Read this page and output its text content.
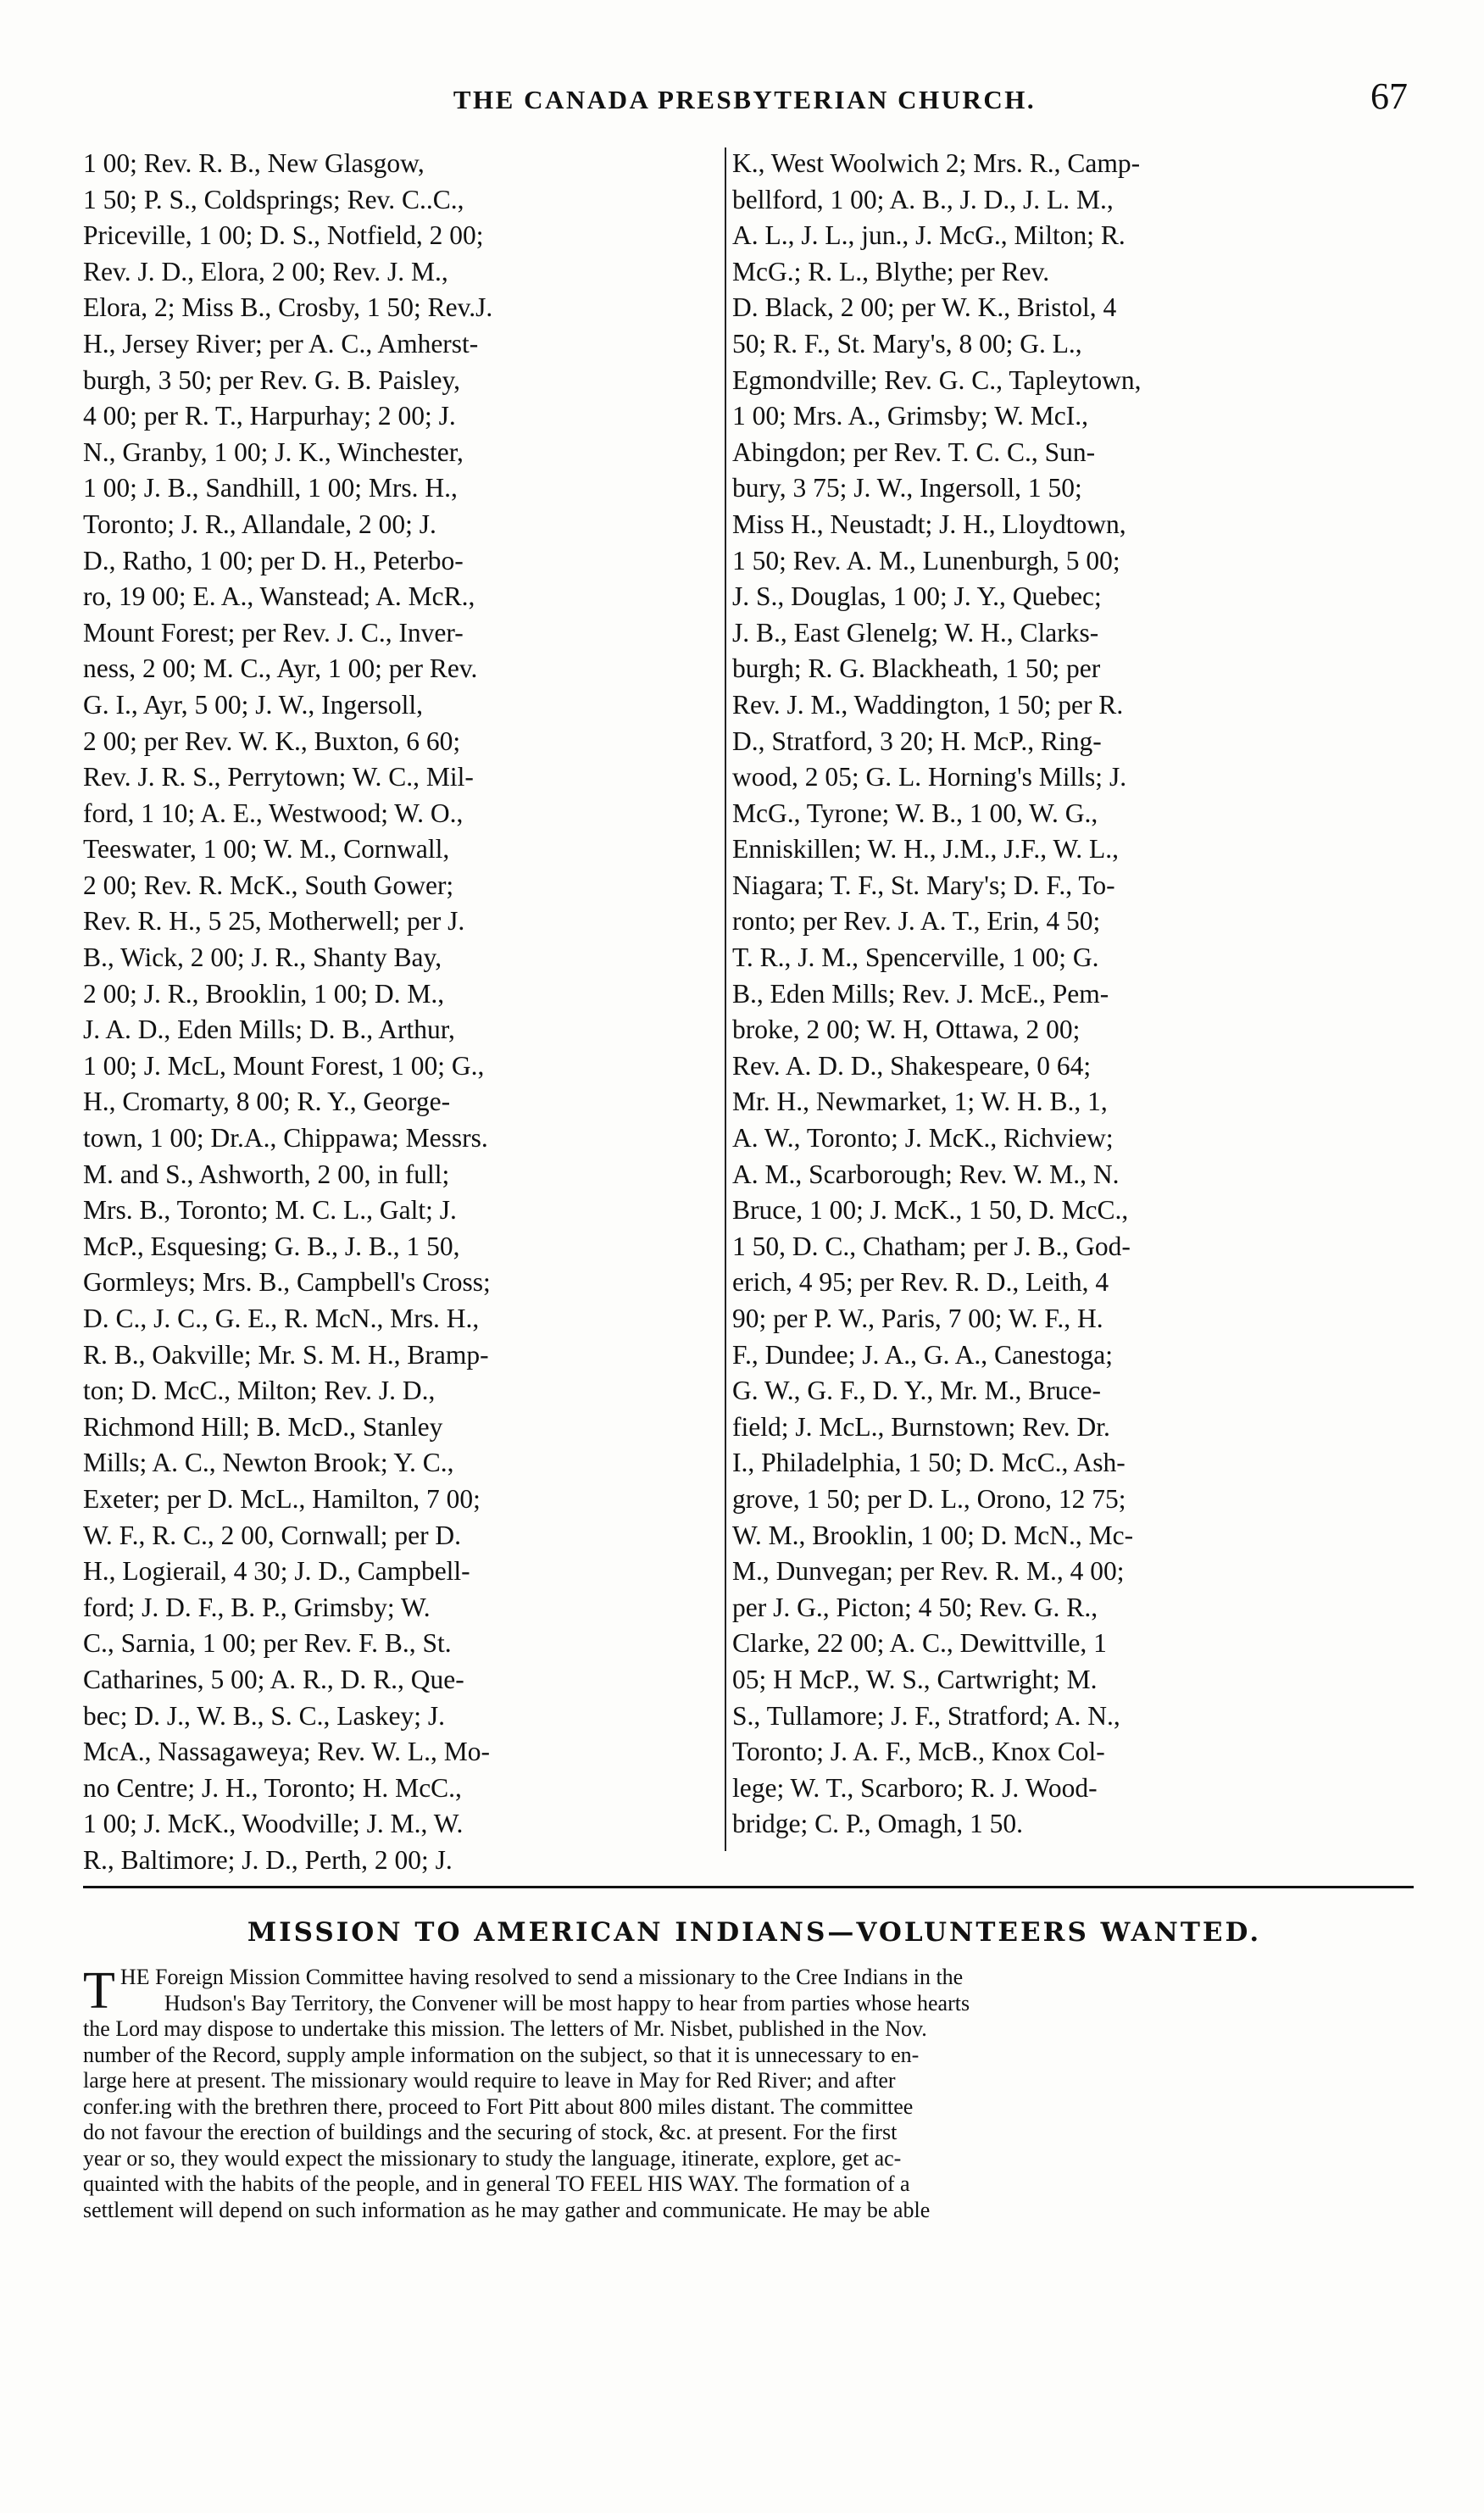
THE CANADA PRESBYTERIAN CHURCH.	67
1 00; Rev. R. B., New Glasgow,
1 50; P. S., Coldsprings; Rev. C..C.,
Priceville, 1 00; D. S., Notfield, 2 00;
Rev. J. D., Elora, 2 00; Rev. J. M.,
Elora, 2; Miss B., Crosby, 1 50; Rev.J.
H., Jersey River; per A. C., Amherst-
burgh, 3 50; per Rev. G. B. Paisley,
4 00; per R. T., Harpurhay; 2 00; J.
N., Granby, 1 00; J. K., Winchester,
1 00; J. B., Sandhill, 1 00; Mrs. H.,
Toronto; J. R., Allandale, 2 00; J.
D., Ratho, 1 00; per D. H., Peterbo-
ro, 19 00; E. A., Wanstead; A. McR.,
Mount Forest; per Rev. J. C., Inver-
ness, 2 00; M. C., Ayr, 1 00; per Rev.
G. I., Ayr, 5 00; J. W., Ingersoll,
2 00; per Rev. W. K., Buxton, 6 60;
Rev. J. R. S., Perrytown; W. C., Mil-
ford, 1 10; A. E., Westwood; W. O.,
Teeswater, 1 00; W. M., Cornwall,
2 00; Rev. R. McK., South Gower;
Rev. R. H., 5 25, Motherwell; per J.
B., Wick, 2 00; J. R., Shanty Bay,
2 00; J. R., Brooklin, 1 00; D. M.,
J. A. D., Eden Mills; D. B., Arthur,
1 00; J. McL, Mount Forest, 1 00; G.,
H., Cromarty, 8 00; R. Y., George-
town, 1 00; Dr.A., Chippawa; Messrs.
M. and S., Ashworth, 2 00, in full;
Mrs. B., Toronto; M. C. L., Galt; J.
McP., Esquesing; G. B., J. B., 1 50,
Gormleys; Mrs. B., Campbell's Cross;
D. C., J. C., G. E., R. McN., Mrs. H.,
R. B., Oakville; Mr. S. M. H., Bramp-
ton; D. McC., Milton; Rev. J. D.,
Richmond Hill; B. McD., Stanley
Mills; A. C., Newton Brook; Y. C.,
Exeter; per D. McL., Hamilton, 7 00;
W. F., R. C., 2 00, Cornwall; per D.
H., Logierail, 4 30; J. D., Campbell-
ford; J. D. F., B. P., Grimsby; W.
C., Sarnia, 1 00; per Rev. F. B., St.
Catharines, 5 00; A. R., D. R., Que-
bec; D. J., W. B., S. C., Laskey; J.
McA., Nassagaweya; Rev. W. L., Mo-
no Centre; J. H., Toronto; H. McC.,
1 00; J. McK., Woodville; J. M., W.
R., Baltimore; J. D., Perth, 2 00; J.
K., West Woolwich 2; Mrs. R., Camp-
bellford, 1 00; A. B., J. D., J. L. M.,
A. L., J. L., jun., J. McG., Milton; R.
McG.; R. L., Blythe; per Rev.
D. Black, 2 00; per W. K., Bristol, 4
50; R. F., St. Mary's, 8 00; G. L.,
Egmondville; Rev. G. C., Tapleytown,
1 00; Mrs. A., Grimsby; W. McI.,
Abingdon; per Rev. T. C. C., Sun-
bury, 3 75; J. W., Ingersoll, 1 50;
Miss H., Neustadt; J. H., Lloydtown,
1 50; Rev. A. M., Lunenburgh, 5 00;
J. S., Douglas, 1 00; J. Y., Quebec;
J. B., East Glenelg; W. H., Clarks-
burgh; R. G. Blackheath, 1 50; per
Rev. J. M., Waddington, 1 50; per R.
D., Stratford, 3 20; H. McP., Ring-
wood, 2 05; G. L. Horning's Mills; J.
McG., Tyrone; W. B., 1 00, W. G.,
Enniskillen; W. H., J.M., J.F., W. L.,
Niagara; T. F., St. Mary's; D. F., To-
ronto; per Rev. J. A. T., Erin, 4 50;
T. R., J. M., Spencerville, 1 00; G.
B., Eden Mills; Rev. J. McE., Pem-
broke, 2 00; W. H, Ottawa, 2 00;
Rev. A. D. D., Shakespeare, 0 64;
Mr. H., Newmarket, 1; W. H. B., 1,
A. W., Toronto; J. McK., Richview;
A. M., Scarborough; Rev. W. M., N.
Bruce, 1 00; J. McK., 1 50, D. McC.,
1 50, D. C., Chatham; per J. B., God-
erich, 4 95; per Rev. R. D., Leith, 4
90; per P. W., Paris, 7 00; W. F., H.
F., Dundee; J. A., G. A., Canestoga;
G. W., G. F., D. Y., Mr. M., Bruce-
field; J. McL., Burnstown; Rev. Dr.
I., Philadelphia, 1 50; D. McC., Ash-
grove, 1 50; per D. L., Orono, 12 75;
W. M., Brooklin, 1 00; D. McN., Mc-
M., Dunvegan; per Rev. R. M., 4 00;
per J. G., Picton; 4 50; Rev. G. R.,
Clarke, 22 00; A. C., Dewittville, 1
05; H McP., W. S., Cartwright; M.
S., Tullamore; J. F., Stratford; A. N.,
Toronto; J. A. F., McB., Knox Col-
lege; W. T., Scarboro; R. J. Wood-
bridge; C. P., Omagh, 1 50.
MISSION TO AMERICAN INDIANS—VOLUNTEERS WANTED.
T HE Foreign Mission Committee having resolved to send a missionary to the Cree Indians in the
Hudson's Bay Territory, the Convener will be most happy to hear from parties whose hearts
the Lord may dispose to undertake this mission. The letters of Mr. Nisbet, published in the Nov.
number of the Record, supply ample information on the subject, so that it is unnecessary to en-
large here at present. The missionary would require to leave in May for Red River; and after
confer.ing with the brethren there, proceed to Fort Pitt about 800 miles distant. The committee
do not favour the erection of buildings and the securing of stock, &c. at present. For the first
year or so, they would expect the missionary to study the language, itinerate, explore, get ac-
quainted with the habits of the people, and in general TO FEEL HIS WAY. The formation of a
settlement will depend on such information as he may gather and communicate. He may be able
